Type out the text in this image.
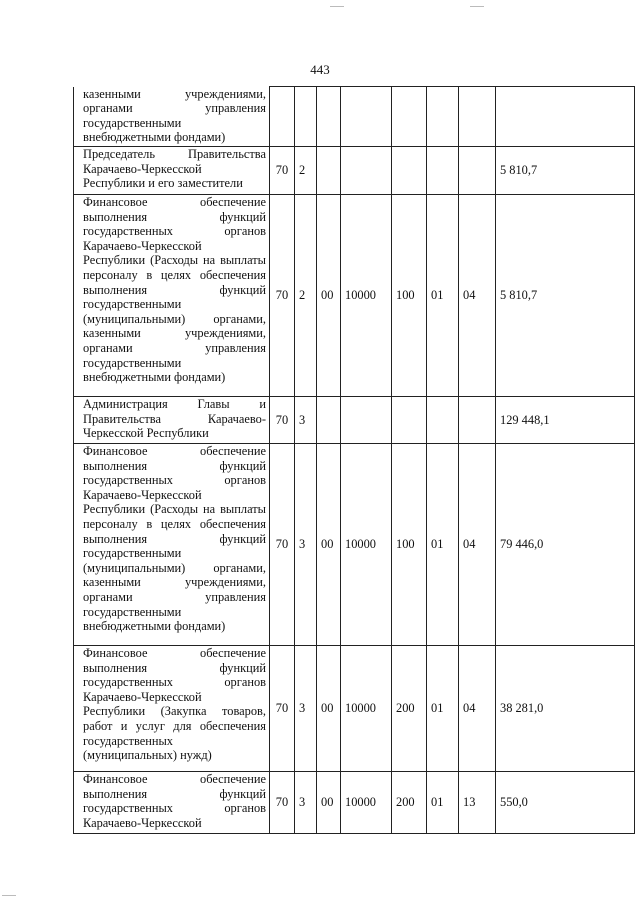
443
казенными учреждениями, органами управления государственными внебюджетными фондами)								
Председатель Правительства Карачаево-Черкесской Республики и его заместители	70	2						5 810,7
Финансовое обеспечение выполнения функций государственных органов Карачаево-Черкесской Республики (Расходы на выплаты персоналу в целях обеспечения выполнения функций государственными (муниципальными) органами, казенными учреждениями, органами управления государственными внебюджетными фондами)	70	2	00	10000	100	01	04	5 810,7
Администрация Главы и Правительства Карачаево-Черкесской Республики	70	3						129 448,1
Финансовое обеспечение выполнения функций государственных органов Карачаево-Черкесской Республики (Расходы на выплаты персоналу в целях обеспечения выполнения функций государственными (муниципальными) органами, казенными учреждениями, органами управления государственными внебюджетными фондами)	70	3	00	10000	100	01	04	79 446,0
Финансовое обеспечение выполнения функций государственных органов Карачаево-Черкесской Республики (Закупка товаров, работ и услуг для обеспечения государственных (муниципальных) нужд)	70	3	00	10000	200	01	04	38 281,0
Финансовое обеспечение выполнения функций государственных органов Карачаево-Черкесской	70	3	00	10000	200	01	13	550,0
